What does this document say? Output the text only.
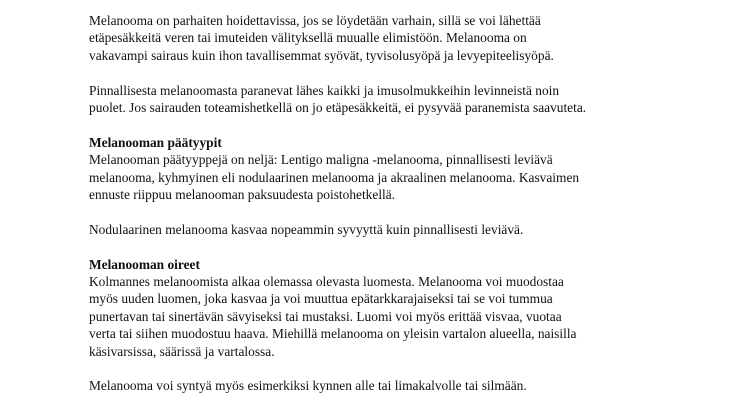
Melanooma on parhaiten hoidettavissa, jos se löydetään varhain, sillä se voi lähettää
etäpesäkkeitä veren tai imuteiden välityksellä muualle elimistöön. Melanooma on
vakavampi sairaus kuin ihon tavallisemmat syövät, tyvisolusyöpä ja levyepiteelisyöpä.

Pinnallisesta melanoomasta paranevat lähes kaikki ja imusolmukkeihin levinneistä noin
puolet. Jos sairauden toteamishetkellä on jo etäpesäkkeitä, ei pysyvää paranemista saavuteta.

Melanooman päätyypit

Melanooman päätyyppejä on neljä: Lentigo maligna -melanooma, pinnallisesti leviävä
melanooma, kyhmyinen eli nodulaarinen melanooma ja akraalinen melanooma. Kasvaimen
ennuste riippuu melanooman paksuudesta poistohetkellä.

Nodulaarinen melanooma kasvaa nopeammin syvyyttä kuin pinnallisesti leviävä.

Melanooman oireet

Kolmannes melanoomista alkaa olemassa olevasta luomesta. Melanooma voi muodostaa
myös uuden luomen, joka kasvaa ja voi muuttua epätarkkarajaiseksi tai se voi tummua
punertavan tai sinertävän sävyiseksi tai mustaksi. Luomi voi myös erittää visvaa, vuotaa
verta tai siihen muodostuu haava. Miehillä melanooma on yleisin vartalon alueella, naisilla
käsivarsissa, säärissä ja vartalossa.

Melanooma voi syntyä myös esimerkiksi kynnen alle tai limakalvolle tai silmään.
